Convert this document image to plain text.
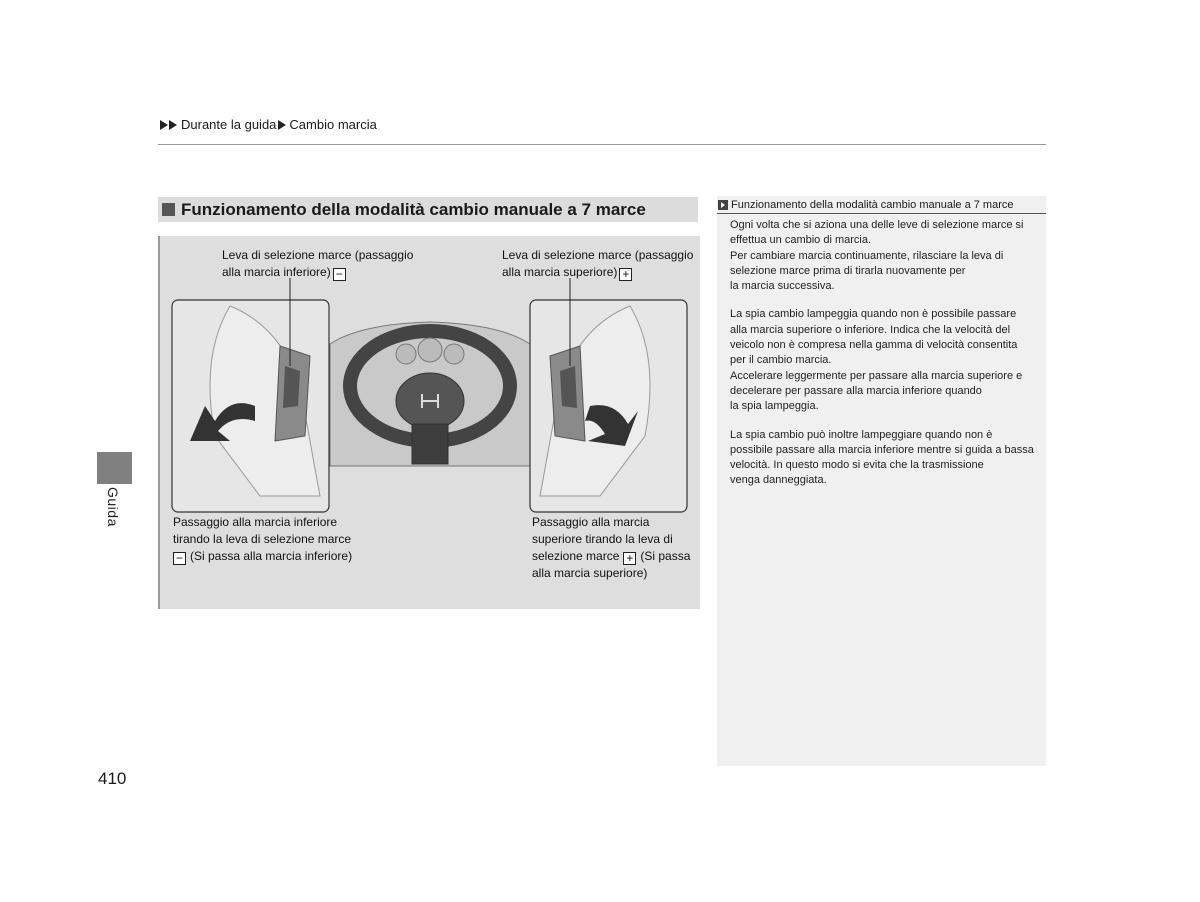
Durante la guida Cambio marcia
Guida
410
Funzionamento della modalità cambio manuale a 7 marce
Leva di selezione marce (passaggio
alla marcia inferiore) −
Leva di selezione marce (passaggio
alla marcia superiore) +
Passaggio alla marcia inferiore
tirando la leva di selezione marce
− (Si passa alla marcia inferiore)
Passaggio alla marcia
superiore tirando la leva di
selezione marce + (Si passa
alla marcia superiore)
Funzionamento della modalità cambio manuale a 7 marce

Ogni volta che si aziona una delle leve di selezione marce si
effettua un cambio di marcia.
Per cambiare marcia continuamente, rilasciare la leva di
selezione marce prima di tirarla nuovamente per
la marcia successiva.

La spia cambio lampeggia quando non è possibile passare
alla marcia superiore o inferiore. Indica che la velocità del
veicolo non è compresa nella gamma di velocità consentita
per il cambio marcia.
Accelerare leggermente per passare alla marcia superiore e
decelerare per passare alla marcia inferiore quando
la spia lampeggia.

La spia cambio può inoltre lampeggiare quando non è
possibile passare alla marcia inferiore mentre si guida a bassa
velocità. In questo modo si evita che la trasmissione
venga danneggiata.
